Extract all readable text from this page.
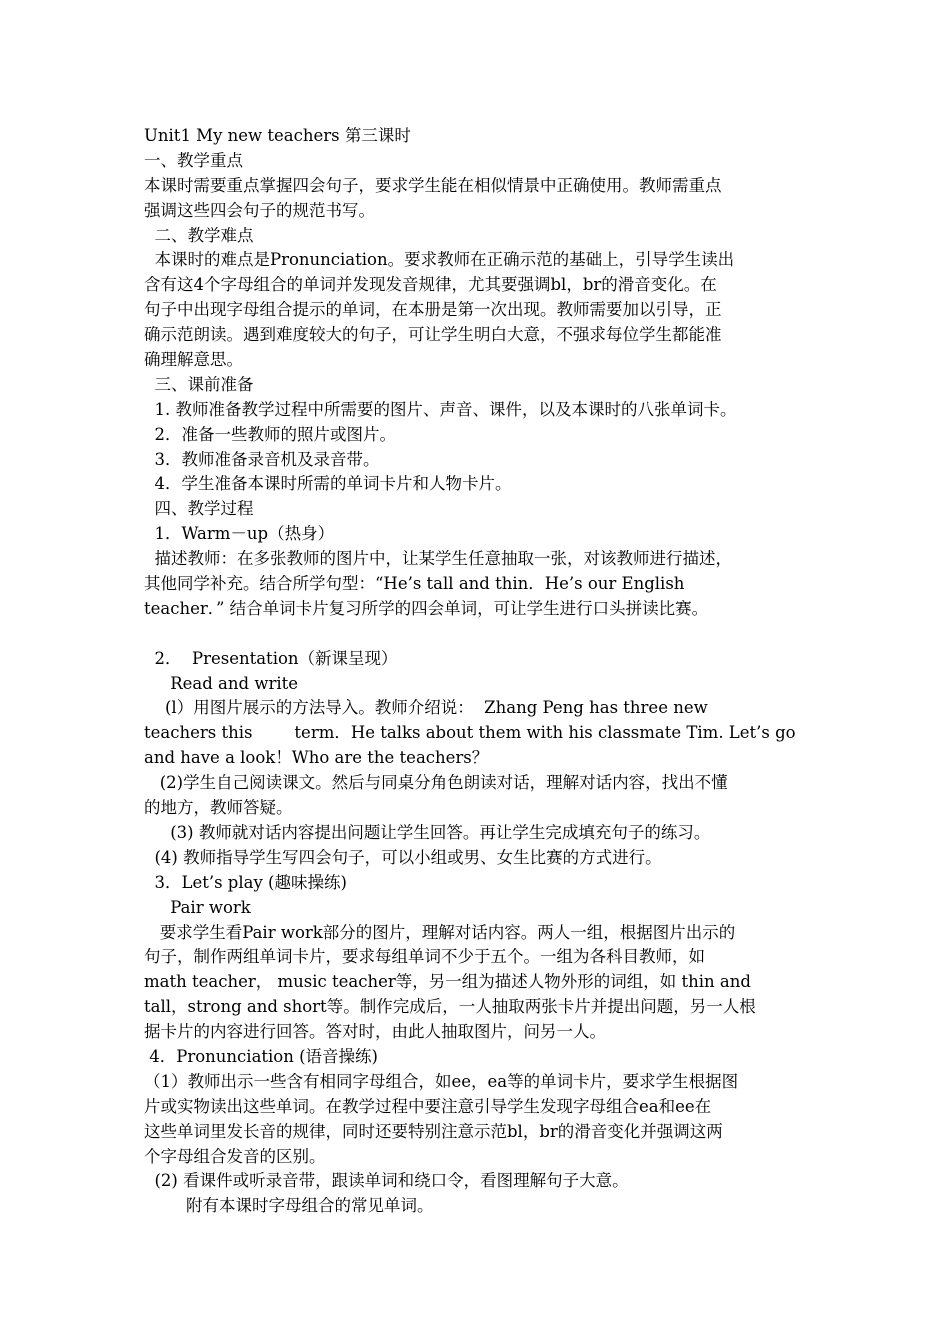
Unit1 My new teachers 第三课时
一、教学重点
本课时需要重点掌握四会句子，要求学生能在相似情景中正确使用。教师需重点
强调这些四会句子的规范书写。
二、教学难点
本课时的难点是Pronunciation。要求教师在正确示范的基础上，引导学生读出
含有这4个字母组合的单词并发现发音规律，尤其要强调bl，br的滑音变化。在
句子中出现字母组合提示的单词，在本册是第一次出现。教师需要加以引导，正
确示范朗读。遇到难度较大的句子，可让学生明白大意，不强求每位学生都能准
确理解意思。
三、课前准备
1. 教师准备教学过程中所需要的图片、声音、课件，以及本课时的八张单词卡。
2．准备一些教师的照片或图片。
3．教师准备录音机及录音带。
4．学生准备本课时所需的单词卡片和人物卡片。
四、教学过程
1．Warm－up（热身）
描述教师：在多张教师的图片中，让某学生任意抽取一张，对该教师进行描述，
其他同学补充。结合所学句型：“He’s tall and thin．He’s our English
teacher．” 结合单词卡片复习所学的四会单词，可让学生进行口头拼读比赛。
2．  Presentation（新课呈现）
Read and write
(l）用图片展示的方法导入。教师介绍说：  Zhang Peng has three new
teachers this        term．He talks about them with his classmate Tim. Let’s go
and have a look！Who are the teachers？
(2)学生自己阅读课文。然后与同桌分角色朗读对话，理解对话内容，找出不懂
的地方，教师答疑。
(3) 教师就对话内容提出问题让学生回答。再让学生完成填充句子的练习。
(4) 教师指导学生写四会句子，可以小组或男、女生比赛的方式进行。
3．Let’s play (趣味操练)
Pair work
要求学生看Pair work部分的图片，理解对话内容。两人一组，根据图片出示的
句子，制作两组单词卡片，要求每组单词不少于五个。一组为各科目教师，如
math teacher， music teacher等，另一组为描述人物外形的词组，如 thin and
tall，strong and short等。制作完成后，一人抽取两张卡片并提出问题，另一人根
据卡片的内容进行回答。答对时，由此人抽取图片，问另一人。
4．Pronunciation (语音操练)
（1）教师出示一些含有相同字母组合，如ee，ea等的单词卡片，要求学生根据图
片或实物读出这些单词。在教学过程中要注意引导学生发现字母组合ea和ee在
这些单词里发长音的规律，同时还要特别注意示范bl，br的滑音变化并强调这两
个字母组合发音的区别。
(2) 看课件或听录音带，跟读单词和绕口令，看图理解句子大意。
附有本课时字母组合的常见单词。
